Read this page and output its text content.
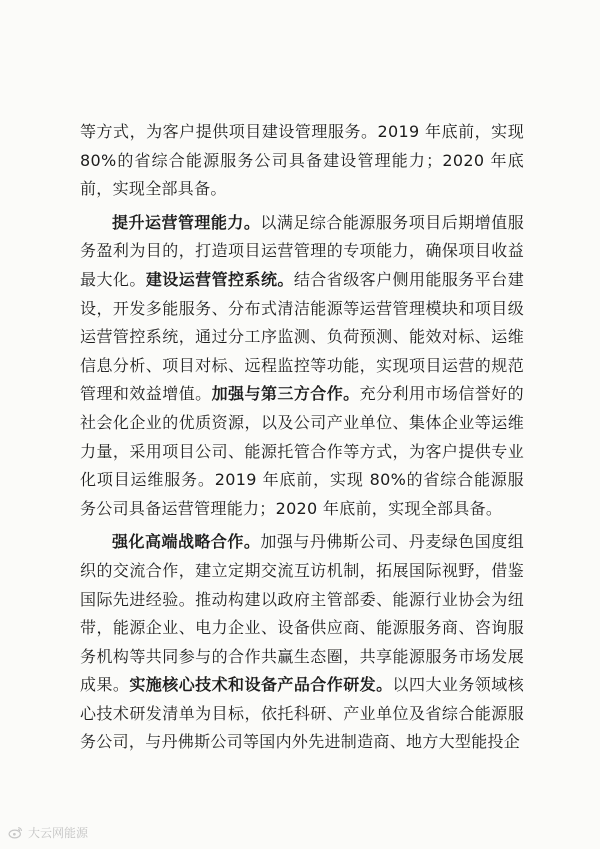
等方式，为客户提供项目建设管理服务。2019 年底前，实现 80%的省综合能源服务公司具备建设管理能力；2020 年底前，实现全部具备。

提升运营管理能力。以满足综合能源服务项目后期增值服务盈利为目的，打造项目运营管理的专项能力，确保项目收益最大化。建设运营管控系统。结合省级客户侧用能服务平台建设，开发多能服务、分布式清洁能源等运营管理模块和项目级运营管控系统，通过分工序监测、负荷预测、能效对标、运维信息分析、项目对标、远程监控等功能，实现项目运营的规范管理和效益增值。加强与第三方合作。充分利用市场信誉好的社会化企业的优质资源，以及公司产业单位、集体企业等运维力量，采用项目公司、能源托管合作等方式，为客户提供专业化项目运维服务。2019 年底前，实现 80%的省综合能源服务公司具备运营管理能力；2020 年底前，实现全部具备。

强化高端战略合作。加强与丹佛斯公司、丹麦绿色国度组织的交流合作，建立定期交流互访机制，拓展国际视野，借鉴国际先进经验。推动构建以政府主管部委、能源行业协会为纽带，能源企业、电力企业、设备供应商、能源服务商、咨询服务机构等共同参与的合作共赢生态圈，共享能源服务市场发展成果。实施核心技术和设备产品合作研发。以四大业务领域核心技术研发清单为目标，依托科研、产业单位及省综合能源服务公司，与丹佛斯公司等国内外先进制造商、地方大型能投企

大云网能源
